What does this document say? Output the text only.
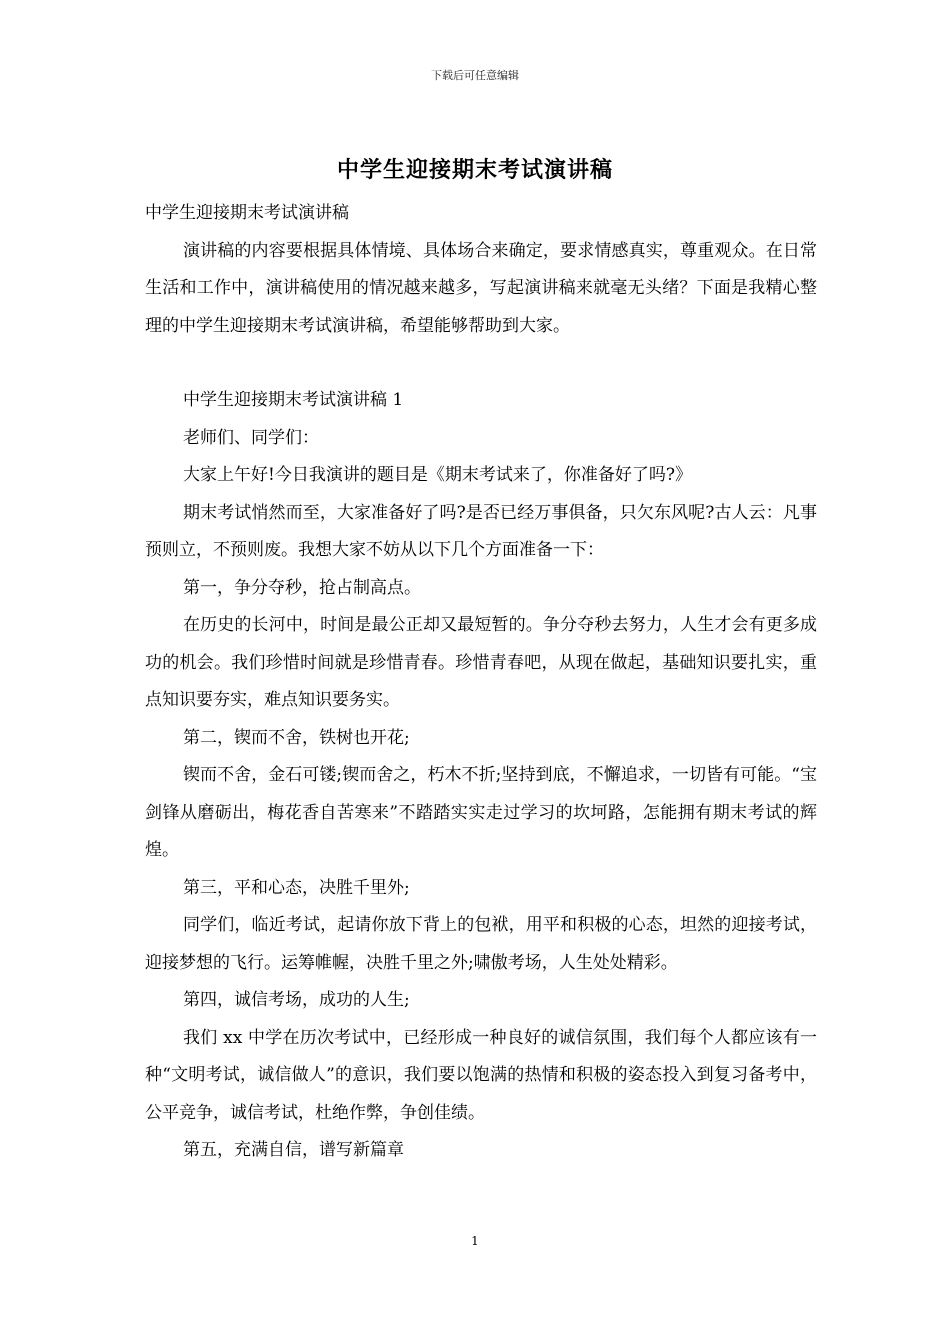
下载后可任意编辑
中学生迎接期末考试演讲稿

中学生迎接期末考试演讲稿

演讲稿的内容要根据具体情境、具体场合来确定，要求情感真实，尊重观众。在日常生活和工作中，演讲稿使用的情况越来越多，写起演讲稿来就毫无头绪？下面是我精心整理的中学生迎接期末考试演讲稿，希望能够帮助到大家。

中学生迎接期末考试演讲稿 1

老师们、同学们：

大家上午好!今日我演讲的题目是《期末考试来了，你准备好了吗?》

期末考试悄然而至，大家准备好了吗?是否已经万事俱备，只欠东风呢?古人云：凡事预则立，不预则废。我想大家不妨从以下几个方面准备一下：

第一，争分夺秒，抢占制高点。

在历史的长河中，时间是最公正却又最短暂的。争分夺秒去努力，人生才会有更多成功的机会。我们珍惜时间就是珍惜青春。珍惜青春吧，从现在做起，基础知识要扎实，重点知识要夯实，难点知识要务实。

第二，锲而不舍，铁树也开花;

锲而不舍，金石可镂;锲而舍之，朽木不折;坚持到底，不懈追求，一切皆有可能。“宝剑锋从磨砺出，梅花香自苦寒来”不踏踏实实走过学习的坎坷路，怎能拥有期末考试的辉煌。

第三，平和心态，决胜千里外;

同学们，临近考试，起请你放下背上的包袱，用平和积极的心态，坦然的迎接考试，迎接梦想的飞行。运筹帷幄，决胜千里之外;啸傲考场，人生处处精彩。

第四，诚信考场，成功的人生;

我们 xx 中学在历次考试中，已经形成一种良好的诚信氛围，我们每个人都应该有一种“文明考试，诚信做人”的意识，我们要以饱满的热情和积极的姿态投入到复习备考中，公平竞争，诚信考试，杜绝作弊，争创佳绩。

第五，充满自信，谱写新篇章

1
